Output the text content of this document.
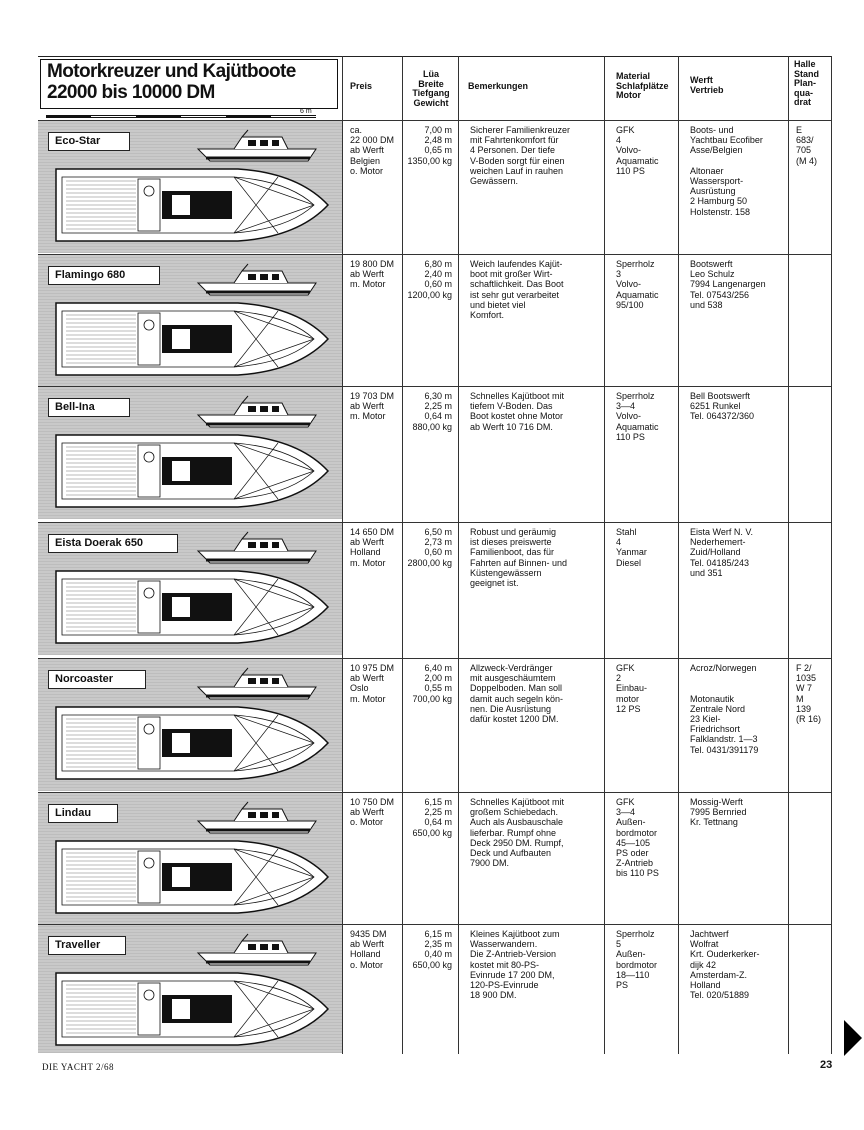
Motorkreuzer und Kajütboote
22000 bis 10000 DM
6 m
Preis
Lüa
Breite
Tiefgang
Gewicht
Bemerkungen
Material
Schlafplätze
Motor
Werft
Vertrieb
Halle
Stand
Plan-
qua-
drat
Eco-Star
ca.
22 000 DM
ab Werft
Belgien
o. Motor
7,00 m
2,48 m
0,65 m
1350,00 kg
Sicherer Familienkreuzer
mit Fahrtenkomfort für
4 Personen. Der tiefe
V-Boden sorgt für einen
weichen Lauf in rauhen
Gewässern.
GFK
4
Volvo-
Aquamatic
110 PS
Boots- und
Yachtbau Ecofiber
Asse/Belgien

Altonaer
Wassersport-
Ausrüstung
2 Hamburg 50
Holstenstr. 158
E
683/
705
(M 4)
Flamingo 680
19 800 DM
ab Werft
m. Motor
6,80 m
2,40 m
0,60 m
1200,00 kg
Weich laufendes Kajüt-
boot mit großer Wirt-
schaftlichkeit. Das Boot
ist sehr gut verarbeitet
und bietet viel
Komfort.
Sperrholz
3
Volvo-
Aquamatic
95/100
Bootswerft
Leo Schulz
7994 Langenargen
Tel. 07543/256
und 538
Bell-Ina
19 703 DM
ab Werft
m. Motor
6,30 m
2,25 m
0,64 m
880,00 kg
Schnelles Kajütboot mit
tiefem V-Boden. Das
Boot kostet ohne Motor
ab Werft 10 716 DM.
Sperrholz
3—4
Volvo-
Aquamatic
110 PS
Bell Bootswerft
6251 Runkel
Tel. 064372/360
Eista Doerak 650
14 650 DM
ab Werft
Holland
m. Motor
6,50 m
2,73 m
0,60 m
2800,00 kg
Robust und geräumig
ist dieses preiswerte
Familienboot, das für
Fahrten auf Binnen- und
Küstengewässern
geeignet ist.
Stahl
4
Yanmar
Diesel
Eista Werf N. V.
Nederhemert-
Zuid/Holland
Tel. 04185/243
und 351
Norcoaster
10 975 DM
ab Werft
Oslo
m. Motor
6,40 m
2,00 m
0,55 m
700,00 kg
Allzweck-Verdränger
mit ausgeschäumtem
Doppelboden. Man soll
damit auch segeln kön-
nen. Die Ausrüstung
dafür kostet 1200 DM.
GFK
2
Einbau-
motor
12 PS
Acroz/Norwegen

Motonautik
Zentrale Nord
23 Kiel-
Friedrichsort
Falklandstr. 1—3
Tel. 0431/391179
F 2/
1035
W 7
M
139
(R 16)
Lindau
10 750 DM
ab Werft
o. Motor
6,15 m
2,25 m
0,64 m
650,00 kg
Schnelles Kajütboot mit
großem Schiebedach.
Auch als Ausbauschale
lieferbar. Rumpf ohne
Deck 2950 DM. Rumpf,
Deck und Aufbauten
7900 DM.
GFK
3—4
Außen-
bordmotor
45—105
PS oder
Z-Antrieb
bis 110 PS
Mossig-Werft
7995 Bernried
Kr. Tettnang
Traveller
9435 DM
ab Werft
Holland
o. Motor
6,15 m
2,35 m
0,40 m
650,00 kg
Kleines Kajütboot zum
Wasserwandern.
Die Z-Antrieb-Version
kostet mit 80-PS-
Evinrude 17 200 DM,
120-PS-Evinrude
18 900 DM.
Sperrholz
5
Außen-
bordmotor
18—110
PS
Jachtwerf
Wolfrat
Krt. Ouderkerker-
dijk 42
Amsterdam-Z.
Holland
Tel. 020/51889
DIE YACHT 2/68	23
